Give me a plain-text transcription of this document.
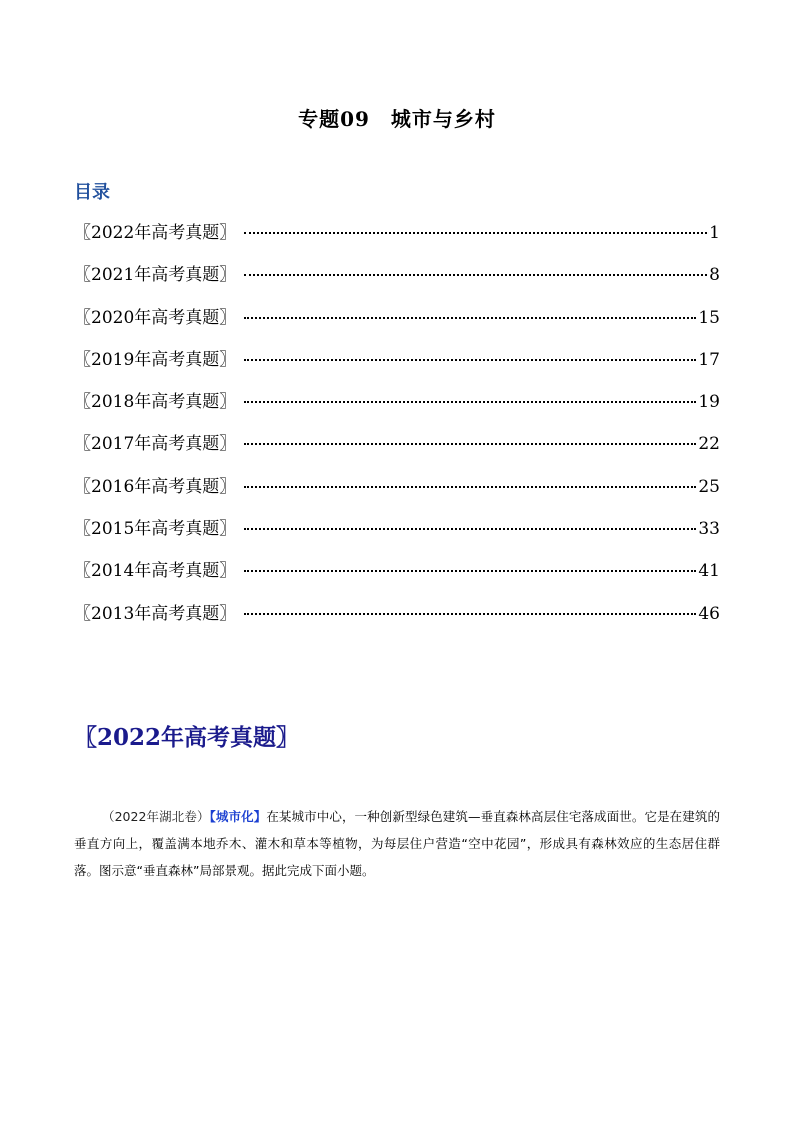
专题09　城市与乡村
目录
〖2022年高考真题〗	1
〖2021年高考真题〗	8
〖2020年高考真题〗	15
〖2019年高考真题〗	17
〖2018年高考真题〗	19
〖2017年高考真题〗	22
〖2016年高考真题〗	25
〖2015年高考真题〗	33
〖2014年高考真题〗	41
〖2013年高考真题〗	46
〖2022年高考真题〗

（2022年湖北卷）【城市化】在某城市中心，一种创新型绿色建筑—垂直森林高层住宅落成面世。它是在建筑的垂直方向上，覆盖满本地乔木、灌木和草本等植物，为每层住户营造“空中花园”，形成具有森林效应的生态居住群落。图示意“垂直森林”局部景观。据此完成下面小题。
